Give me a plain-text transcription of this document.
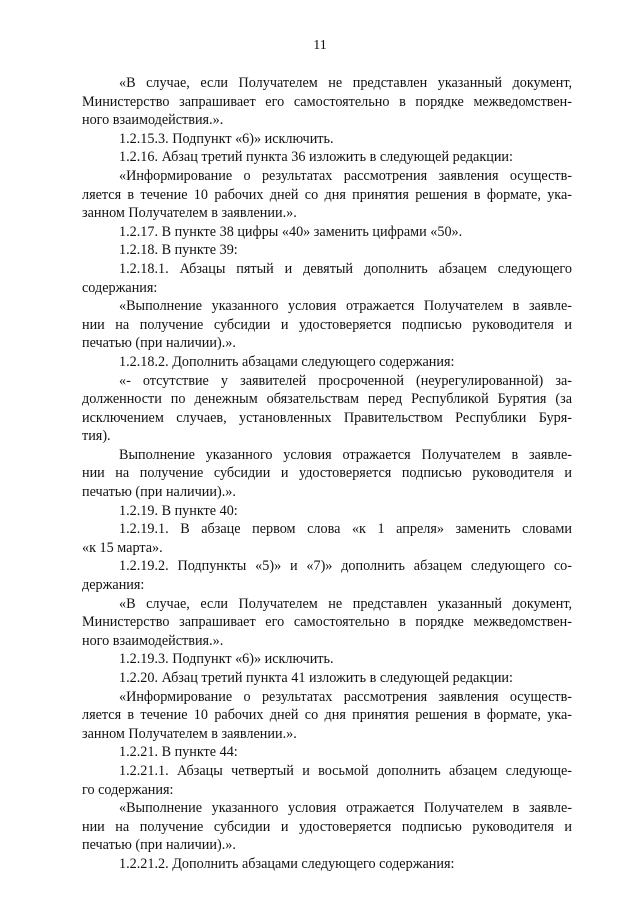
11
«В случае, если Получателем не представлен указанный документ,
Министерство запрашивает его самостоятельно в порядке межведомствен-
ного взаимодействия.».
1.2.15.3. Подпункт «6)» исключить.
1.2.16. Абзац третий пункта 36 изложить в следующей редакции:
«Информирование о результатах рассмотрения заявления осуществ-
ляется в течение 10 рабочих дней со дня принятия решения в формате, ука-
занном Получателем в заявлении.».
1.2.17. В пункте 38 цифры «40» заменить цифрами «50».
1.2.18. В пункте 39:
1.2.18.1. Абзацы пятый и девятый дополнить абзацем следующего
содержания:
«Выполнение указанного условия отражается Получателем в заявле-
нии на получение субсидии и удостоверяется подписью руководителя и
печатью (при наличии).».
1.2.18.2. Дополнить абзацами следующего содержания:
«- отсутствие у заявителей просроченной (неурегулированной) за-
долженности по денежным обязательствам перед Республикой Бурятия (за
исключением случаев, установленных Правительством Республики Буря-
тия).
Выполнение указанного условия отражается Получателем в заявле-
нии на получение субсидии и удостоверяется подписью руководителя и
печатью (при наличии).».
1.2.19. В пункте 40:
1.2.19.1. В абзаце первом слова «к 1 апреля» заменить словами
«к 15 марта».
1.2.19.2. Подпункты «5)» и «7)» дополнить абзацем следующего со-
держания:
«В случае, если Получателем не представлен указанный документ,
Министерство запрашивает его самостоятельно в порядке межведомствен-
ного взаимодействия.».
1.2.19.3. Подпункт «6)» исключить.
1.2.20. Абзац третий пункта 41 изложить в следующей редакции:
«Информирование о результатах рассмотрения заявления осуществ-
ляется в течение 10 рабочих дней со дня принятия решения в формате, ука-
занном Получателем в заявлении.».
1.2.21. В пункте 44:
1.2.21.1. Абзацы четвертый и восьмой дополнить абзацем следующе-
го содержания:
«Выполнение указанного условия отражается Получателем в заявле-
нии на получение субсидии и удостоверяется подписью руководителя и
печатью (при наличии).».
1.2.21.2. Дополнить абзацами следующего содержания:
